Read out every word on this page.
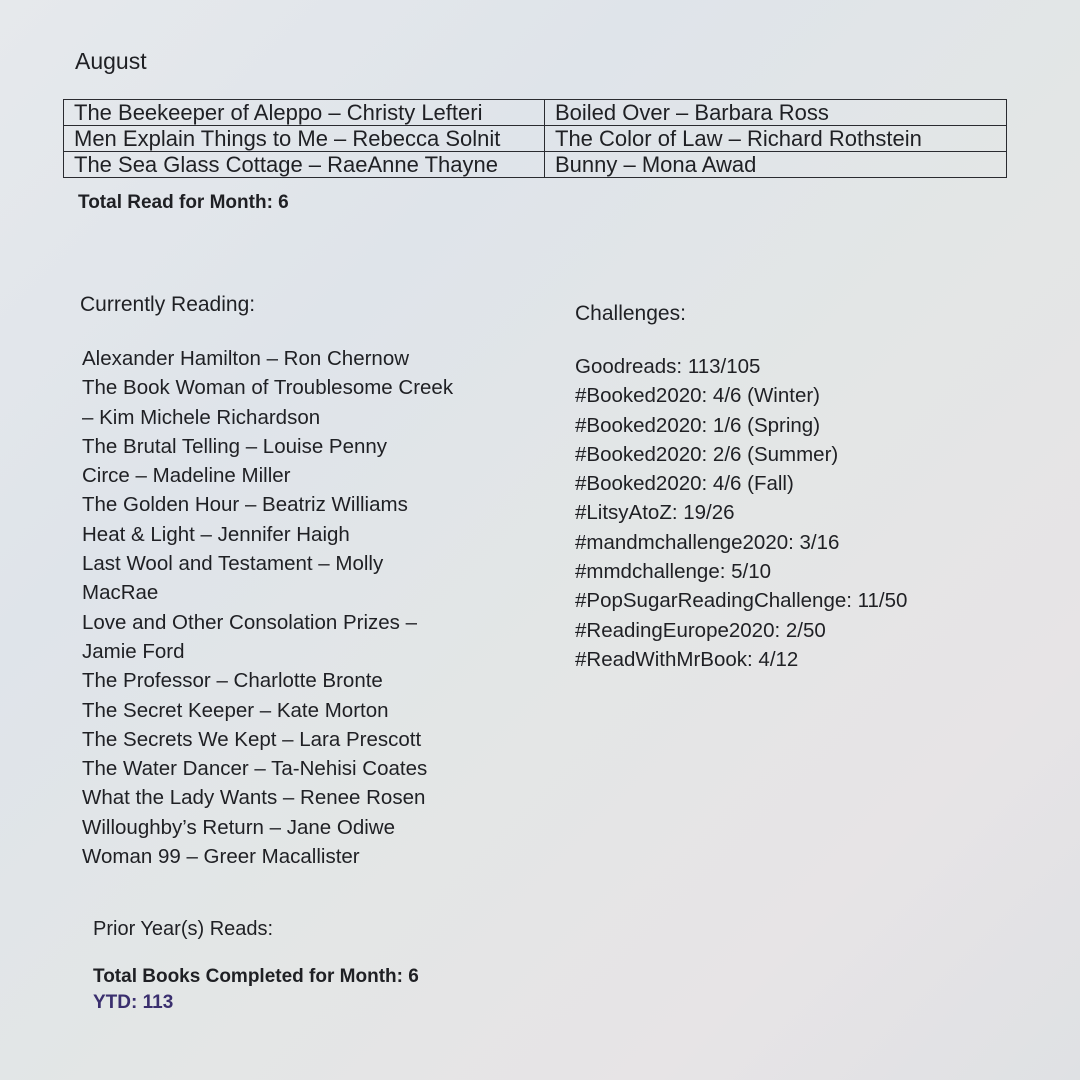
August
The Beekeeper of Aleppo – Christy Lefteri	Boiled Over – Barbara Ross
Men Explain Things to Me – Rebecca Solnit	The Color of Law – Richard Rothstein
The Sea Glass Cottage – RaeAnne Thayne	Bunny – Mona Awad
Total Read for Month: 6
Currently Reading:	Challenges:
Alexander Hamilton – Ron Chernow
The Book Woman of Troublesome Creek
– Kim Michele Richardson
The Brutal Telling – Louise Penny
Circe – Madeline Miller
The Golden Hour – Beatriz Williams
Heat & Light – Jennifer Haigh
Last Wool and Testament – Molly
MacRae
Love and Other Consolation Prizes –
Jamie Ford
The Professor – Charlotte Bronte
The Secret Keeper – Kate Morton
The Secrets We Kept – Lara Prescott
The Water Dancer – Ta-Nehisi Coates
What the Lady Wants – Renee Rosen
Willoughby’s Return – Jane Odiwe
Woman 99 – Greer Macallister
Goodreads: 113/105
#Booked2020: 4/6 (Winter)
#Booked2020: 1/6 (Spring)
#Booked2020: 2/6 (Summer)
#Booked2020: 4/6 (Fall)
#LitsyAtoZ: 19/26
#mandmchallenge2020: 3/16
#mmdchallenge: 5/10
#PopSugarReadingChallenge: 11/50
#ReadingEurope2020: 2/50
#ReadWithMrBook: 4/12
Prior Year(s) Reads:
Total Books Completed for Month: 6
YTD: 113
